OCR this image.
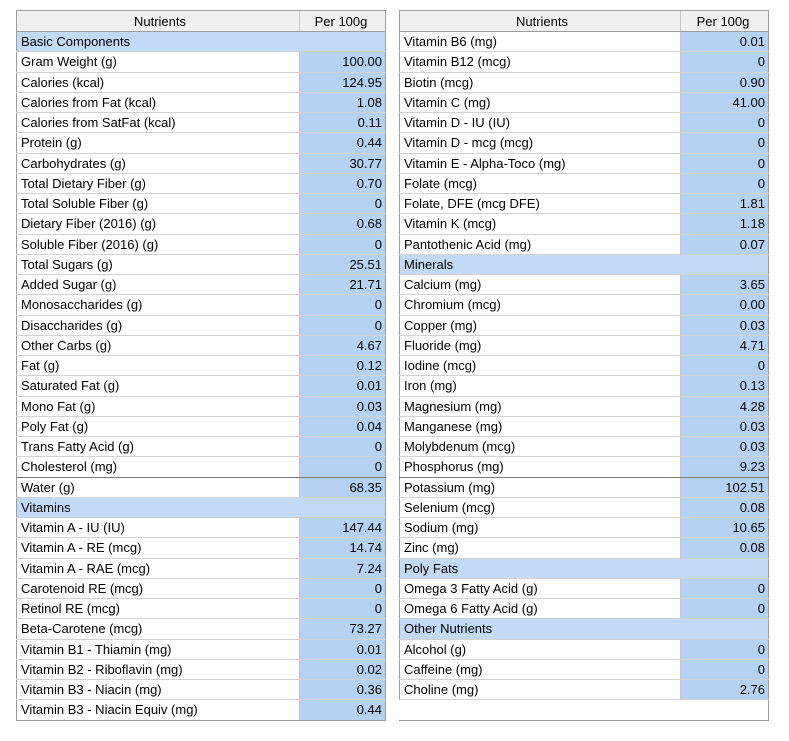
Nutrients	Per 100g
Basic Components
Gram Weight (g)	100.00
Calories (kcal)	124.95
Calories from Fat (kcal)	1.08
Calories from SatFat (kcal)	0.11
Protein (g)	0.44
Carbohydrates (g)	30.77
Total Dietary Fiber (g)	0.70
Total Soluble Fiber (g)	0
Dietary Fiber (2016) (g)	0.68
Soluble Fiber (2016) (g)	0
Total Sugars (g)	25.51
Added Sugar (g)	21.71
Monosaccharides (g)	0
Disaccharides (g)	0
Other Carbs (g)	4.67
Fat (g)	0.12
Saturated Fat (g)	0.01
Mono Fat (g)	0.03
Poly Fat (g)	0.04
Trans Fatty Acid (g)	0
Cholesterol (mg)	0
Water (g)	68.35
Vitamins
Vitamin A - IU (IU)	147.44
Vitamin A - RE (mcg)	14.74
Vitamin A - RAE (mcg)	7.24
Carotenoid RE (mcg)	0
Retinol RE (mcg)	0
Beta-Carotene (mcg)	73.27
Vitamin B1 - Thiamin (mg)	0.01
Vitamin B2 - Riboflavin (mg)	0.02
Vitamin B3 - Niacin (mg)	0.36
Vitamin B3 - Niacin Equiv (mg)	0.44
Nutrients	Per 100g
Vitamin B6 (mg)	0.01
Vitamin B12 (mcg)	0
Biotin (mcg)	0.90
Vitamin C (mg)	41.00
Vitamin D - IU (IU)	0
Vitamin D - mcg (mcg)	0
Vitamin E - Alpha-Toco (mg)	0
Folate (mcg)	0
Folate, DFE (mcg DFE)	1.81
Vitamin K (mcg)	1.18
Pantothenic Acid (mg)	0.07
Minerals
Calcium (mg)	3.65
Chromium (mcg)	0.00
Copper (mg)	0.03
Fluoride (mg)	4.71
Iodine (mcg)	0
Iron (mg)	0.13
Magnesium (mg)	4.28
Manganese (mg)	0.03
Molybdenum (mcg)	0.03
Phosphorus (mg)	9.23
Potassium (mg)	102.51
Selenium (mcg)	0.08
Sodium (mg)	10.65
Zinc (mg)	0.08
Poly Fats
Omega 3 Fatty Acid (g)	0
Omega 6 Fatty Acid (g)	0
Other Nutrients
Alcohol (g)	0
Caffeine (mg)	0
Choline (mg)	2.76
